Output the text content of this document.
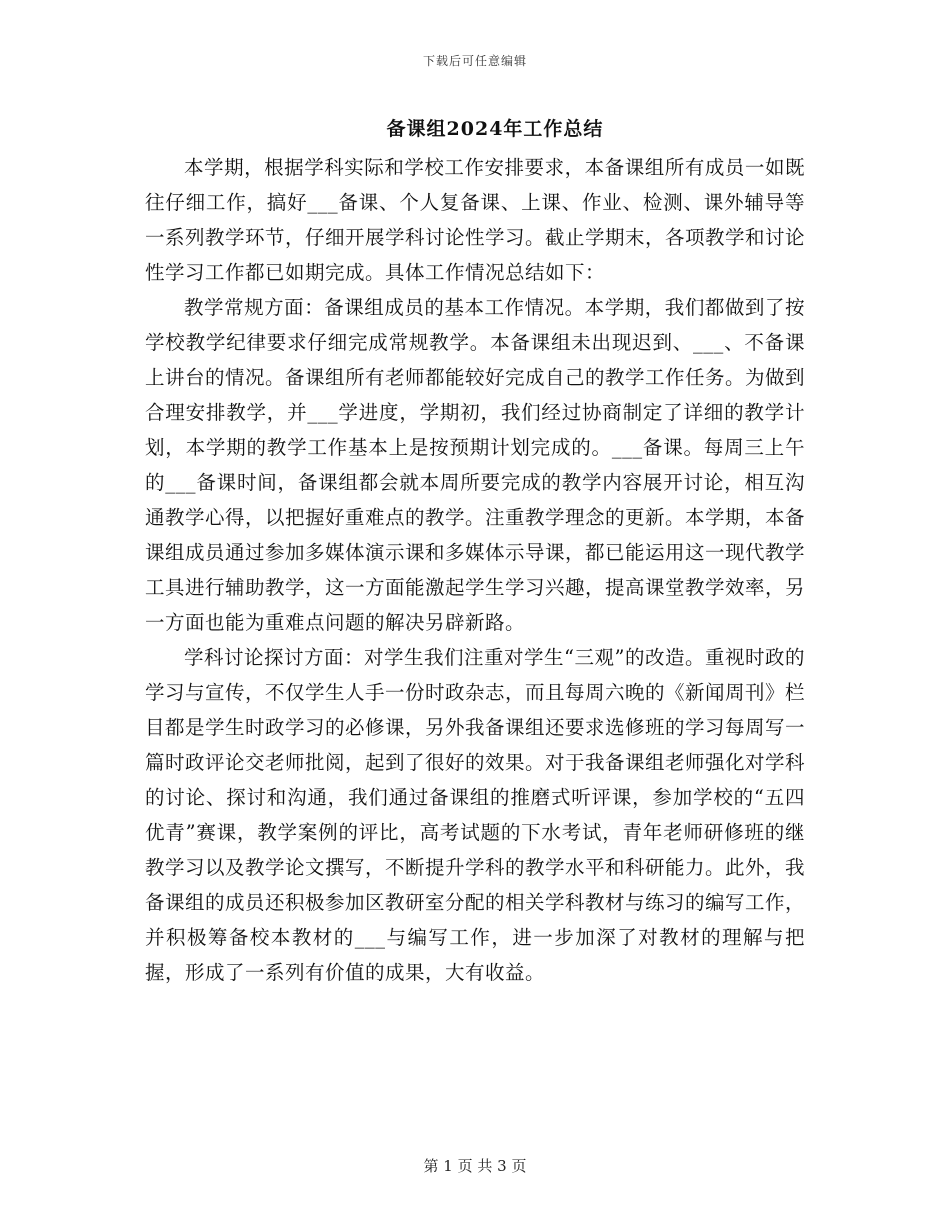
下载后可任意编辑
备课组2024年工作总结

本学期，根据学科实际和学校工作安排要求，本备课组所有成员一如既往仔细工作，搞好___备课、个人复备课、上课、作业、检测、课外辅导等一系列教学环节，仔细开展学科讨论性学习。截止学期末，各项教学和讨论性学习工作都已如期完成。具体工作情况总结如下：

教学常规方面：备课组成员的基本工作情况。本学期，我们都做到了按学校教学纪律要求仔细完成常规教学。本备课组未出现迟到、___、不备课上讲台的情况。备课组所有老师都能较好完成自己的教学工作任务。为做到合理安排教学，并___学进度，学期初，我们经过协商制定了详细的教学计划，本学期的教学工作基本上是按预期计划完成的。___备课。每周三上午的___备课时间，备课组都会就本周所要完成的教学内容展开讨论，相互沟通教学心得，以把握好重难点的教学。注重教学理念的更新。本学期，本备课组成员通过参加多媒体演示课和多媒体示导课，都已能运用这一现代教学工具进行辅助教学，这一方面能激起学生学习兴趣，提高课堂教学效率，另一方面也能为重难点问题的解决另辟新路。

学科讨论探讨方面：对学生我们注重对学生“三观”的改造。重视时政的学习与宣传，不仅学生人手一份时政杂志，而且每周六晚的《新闻周刊》栏目都是学生时政学习的必修课，另外我备课组还要求选修班的学习每周写一篇时政评论交老师批阅，起到了很好的效果。对于我备课组老师强化对学科的讨论、探讨和沟通，我们通过备课组的推磨式听评课，参加学校的“五四优青”赛课，教学案例的评比，高考试题的下水考试，青年老师研修班的继教学习以及教学论文撰写，不断提升学科的教学水平和科研能力。此外，我备课组的成员还积极参加区教研室分配的相关学科教材与练习的编写工作，并积极筹备校本教材的___与编写工作，进一步加深了对教材的理解与把握，形成了一系列有价值的成果，大有收益。

第 1 页 共 3 页
